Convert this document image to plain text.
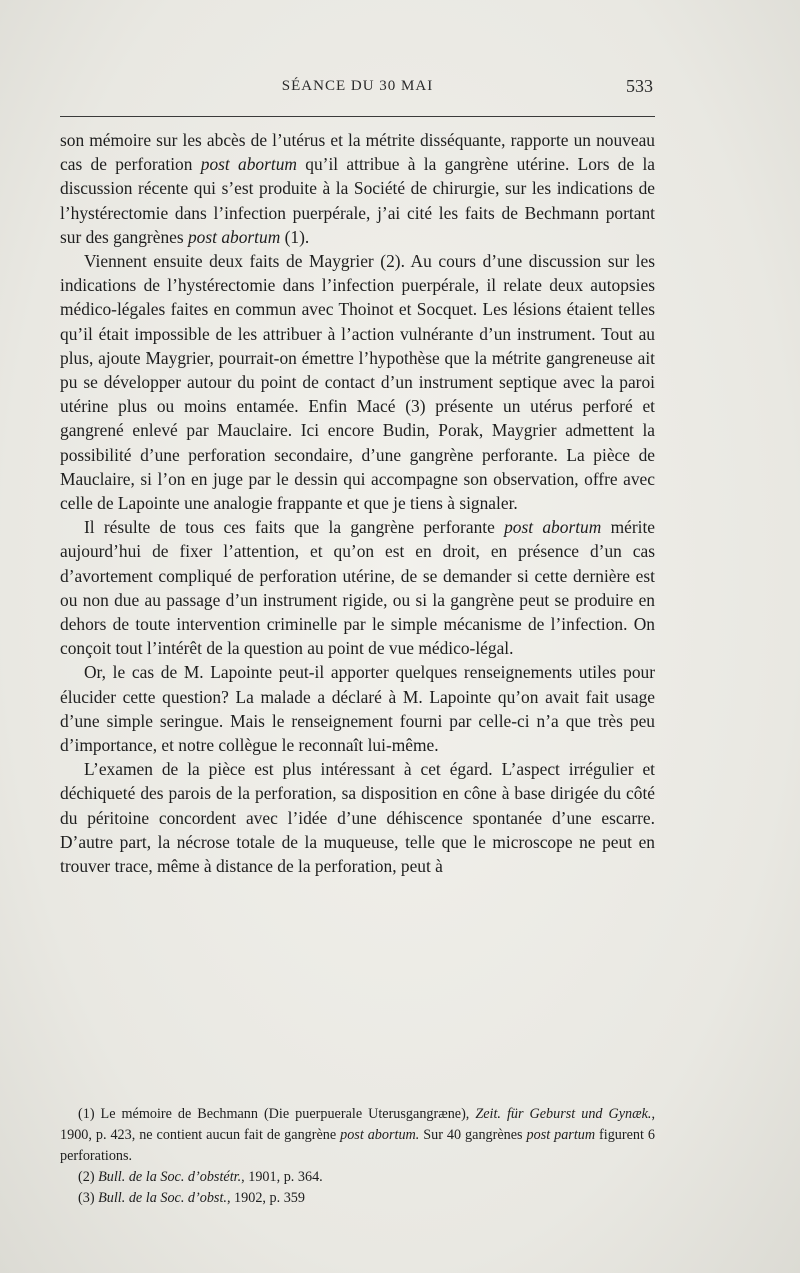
SÉANCE DU 30 MAI	533

son mémoire sur les abcès de l’utérus et la métrite disséquante, rapporte un nouveau cas de perforation post abortum qu’il attribue à la gangrène utérine. Lors de la discussion récente qui s’est produite à la Société de chirurgie, sur les indications de l’hystérectomie dans l’infection puerpérale, j’ai cité les faits de Bechmann portant sur des gangrènes post abortum (1).

Viennent ensuite deux faits de Maygrier (2). Au cours d’une discussion sur les indications de l’hystérectomie dans l’infection puerpérale, il relate deux autopsies médico-légales faites en commun avec Thoinot et Socquet. Les lésions étaient telles qu’il était impossible de les attribuer à l’action vulnérante d’un instrument. Tout au plus, ajoute Maygrier, pourrait-on émettre l’hypothèse que la métrite gangreneuse ait pu se développer autour du point de contact d’un instrument septique avec la paroi utérine plus ou moins entamée. Enfin Macé (3) présente un utérus perforé et gangrené enlevé par Mauclaire. Ici encore Budin, Porak, Maygrier admettent la possibilité d’une perforation secondaire, d’une gangrène perforante. La pièce de Mauclaire, si l’on en juge par le dessin qui accompagne son observation, offre avec celle de Lapointe une analogie frappante et que je tiens à signaler.

Il résulte de tous ces faits que la gangrène perforante post abortum mérite aujourd’hui de fixer l’attention, et qu’on est en droit, en présence d’un cas d’avortement compliqué de perforation utérine, de se demander si cette dernière est ou non due au passage d’un instrument rigide, ou si la gangrène peut se produire en dehors de toute intervention criminelle par le simple mécanisme de l’infection. On conçoit tout l’intérêt de la question au point de vue médico-légal.

Or, le cas de M. Lapointe peut-il apporter quelques renseignements utiles pour élucider cette question? La malade a déclaré à M. Lapointe qu’on avait fait usage d’une simple seringue. Mais le renseignement fourni par celle-ci n’a que très peu d’importance, et notre collègue le reconnaît lui-même.

L’examen de la pièce est plus intéressant à cet égard. L’aspect irrégulier et déchiqueté des parois de la perforation, sa disposition en cône à base dirigée du côté du péritoine concordent avec l’idée d’une déhiscence spontanée d’une escarre. D’autre part, la nécrose totale de la muqueuse, telle que le microscope ne peut en trouver trace, même à distance de la perforation, peut à

(1) Le mémoire de Bechmann (Die puerpuerale Uterusgangræne), Zeit. für Geburst und Gynæk., 1900, p. 423, ne contient aucun fait de gangrène post abortum. Sur 40 gangrènes post partum figurent 6 perforations.

(2) Bull. de la Soc. d’obstétr., 1901, p. 364.

(3) Bull. de la Soc. d’obst., 1902, p. 359
